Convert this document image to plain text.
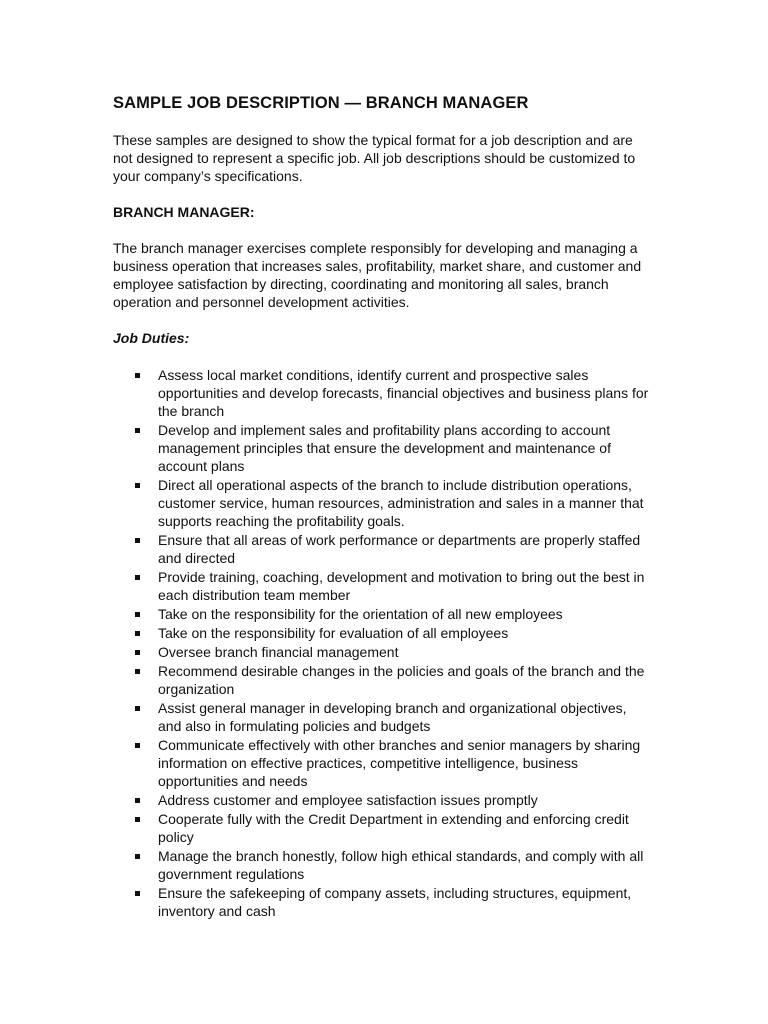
SAMPLE JOB DESCRIPTION — BRANCH MANAGER

These samples are designed to show the typical format for a job description and are not designed to represent a specific job. All job descriptions should be customized to your company’s specifications.

BRANCH MANAGER:

The branch manager exercises complete responsibly for developing and managing a business operation that increases sales, profitability, market share, and customer and employee satisfaction by directing, coordinating and monitoring all sales, branch operation and personnel development activities.

Job Duties:
Assess local market conditions, identify current and prospective sales opportunities and develop forecasts, financial objectives and business plans for the branch
Develop and implement sales and profitability plans according to account management principles that ensure the development and maintenance of account plans
Direct all operational aspects of the branch to include distribution operations, customer service, human resources, administration and sales in a manner that supports reaching the profitability goals.
Ensure that all areas of work performance or departments are properly staffed and directed
Provide training, coaching, development and motivation to bring out the best in each distribution team member
Take on the responsibility for the orientation of all new employees
Take on the responsibility for evaluation of all employees
Oversee branch financial management
Recommend desirable changes in the policies and goals of the branch and the organization
Assist general manager in developing branch and organizational objectives, and also in formulating policies and budgets
Communicate effectively with other branches and senior managers by sharing information on effective practices, competitive intelligence, business opportunities and needs
Address customer and employee satisfaction issues promptly
Cooperate fully with the Credit Department in extending and enforcing credit policy
Manage the branch honestly, follow high ethical standards, and comply with all government regulations
Ensure the safekeeping of company assets, including structures, equipment, inventory and cash
